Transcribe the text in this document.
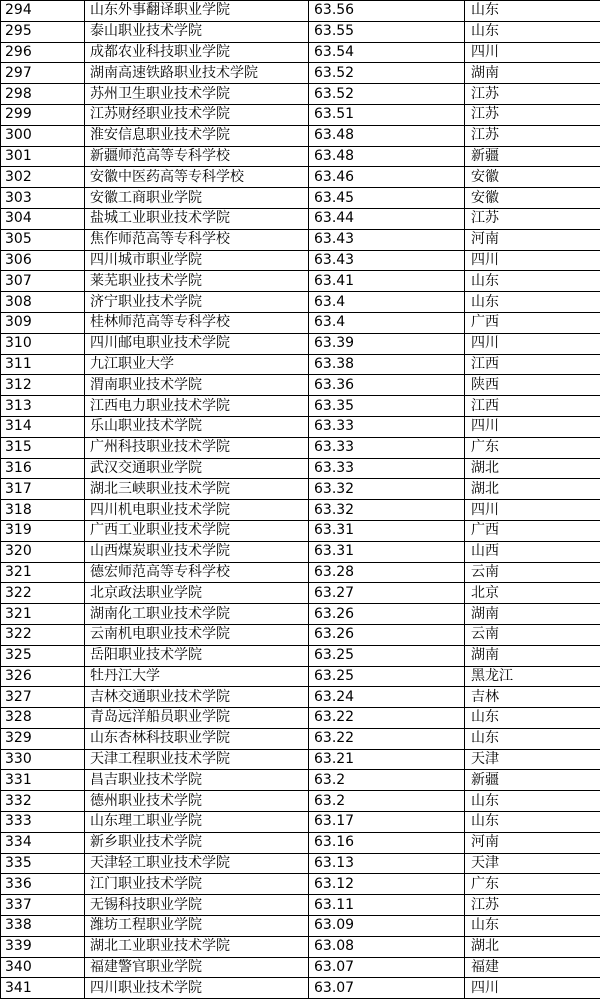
294	山东外事翻译职业学院	63.56	山东
295	泰山职业技术学院	63.55	山东
296	成都农业科技职业学院	63.54	四川
297	湖南高速铁路职业技术学院	63.52	湖南
298	苏州卫生职业技术学院	63.52	江苏
299	江苏财经职业技术学院	63.51	江苏
300	淮安信息职业技术学院	63.48	江苏
301	新疆师范高等专科学校	63.48	新疆
302	安徽中医药高等专科学校	63.46	安徽
303	安徽工商职业学院	63.45	安徽
304	盐城工业职业技术学院	63.44	江苏
305	焦作师范高等专科学校	63.43	河南
306	四川城市职业学院	63.43	四川
307	莱芜职业技术学院	63.41	山东
308	济宁职业技术学院	63.4	山东
309	桂林师范高等专科学校	63.4	广西
310	四川邮电职业技术学院	63.39	四川
311	九江职业大学	63.38	江西
312	渭南职业技术学院	63.36	陕西
313	江西电力职业技术学院	63.35	江西
314	乐山职业技术学院	63.33	四川
315	广州科技职业技术学院	63.33	广东
316	武汉交通职业学院	63.33	湖北
317	湖北三峡职业技术学院	63.32	湖北
318	四川机电职业技术学院	63.32	四川
319	广西工业职业技术学院	63.31	广西
320	山西煤炭职业技术学院	63.31	山西
321	德宏师范高等专科学校	63.28	云南
322	北京政法职业学院	63.27	北京
321	湖南化工职业技术学院	63.26	湖南
322	云南机电职业技术学院	63.26	云南
325	岳阳职业技术学院	63.25	湖南
326	牡丹江大学	63.25	黑龙江
327	吉林交通职业技术学院	63.24	吉林
328	青岛远洋船员职业学院	63.22	山东
329	山东杏林科技职业学院	63.22	山东
330	天津工程职业技术学院	63.21	天津
331	昌吉职业技术学院	63.2	新疆
332	德州职业技术学院	63.2	山东
333	山东理工职业学院	63.17	山东
334	新乡职业技术学院	63.16	河南
335	天津轻工职业技术学院	63.13	天津
336	江门职业技术学院	63.12	广东
337	无锡科技职业学院	63.11	江苏
338	潍坊工程职业学院	63.09	山东
339	湖北工业职业技术学院	63.08	湖北
340	福建警官职业学院	63.07	福建
341	四川职业技术学院	63.07	四川
